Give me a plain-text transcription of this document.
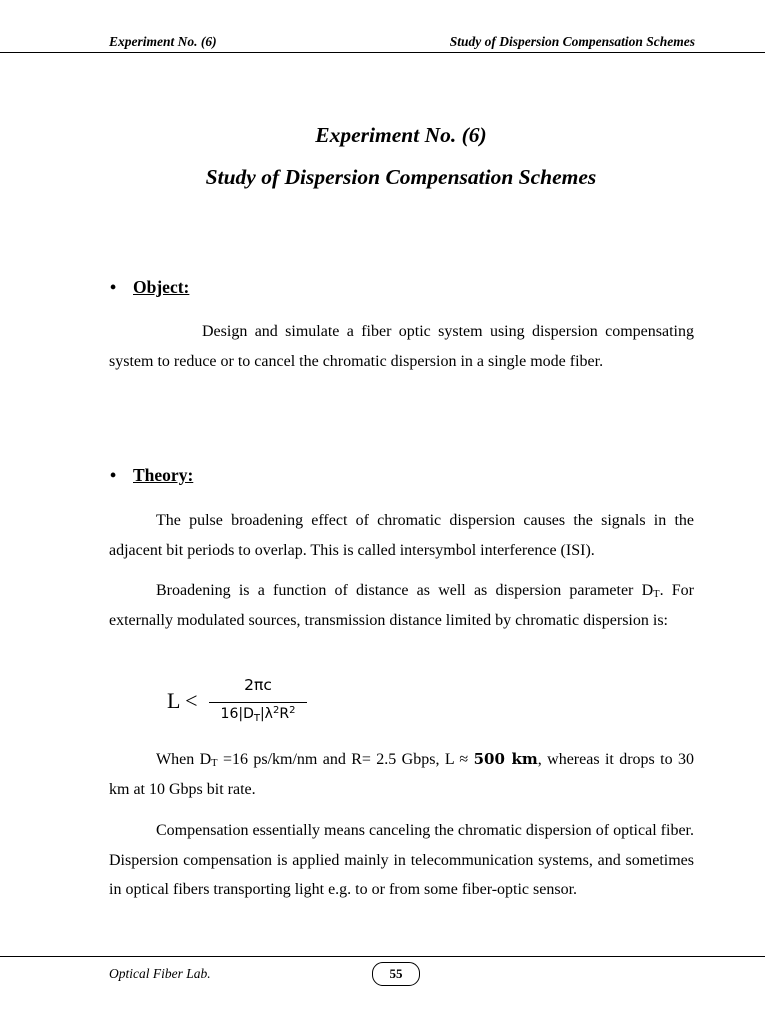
Experiment No. (6)	Study of Dispersion Compensation Schemes
Experiment No. (6)
Study of Dispersion Compensation Schemes
• Object:
Design and simulate a fiber optic system using dispersion compensating system to reduce or to cancel the chromatic dispersion in a single mode fiber.
• Theory:
The pulse broadening effect of chromatic dispersion causes the signals in the adjacent bit periods to overlap. This is called intersymbol interference (ISI).
Broadening is a function of distance as well as dispersion parameter $D_T$. For externally modulated sources, transmission distance limited by chromatic dispersion is:
L <
2πc
$16|D_T|\lambda^2R^2$
When $D_T =16$ ps/km/nm and R= 2.5 Gbps, L ≈ 500 km, whereas it drops to 30 km at 10 Gbps bit rate.
Compensation essentially means canceling the chromatic dispersion of optical fiber. Dispersion compensation is applied mainly in telecommunication systems, and sometimes in optical fibers transporting light e.g. to or from some fiber-optic sensor.
Optical Fiber Lab.	55
